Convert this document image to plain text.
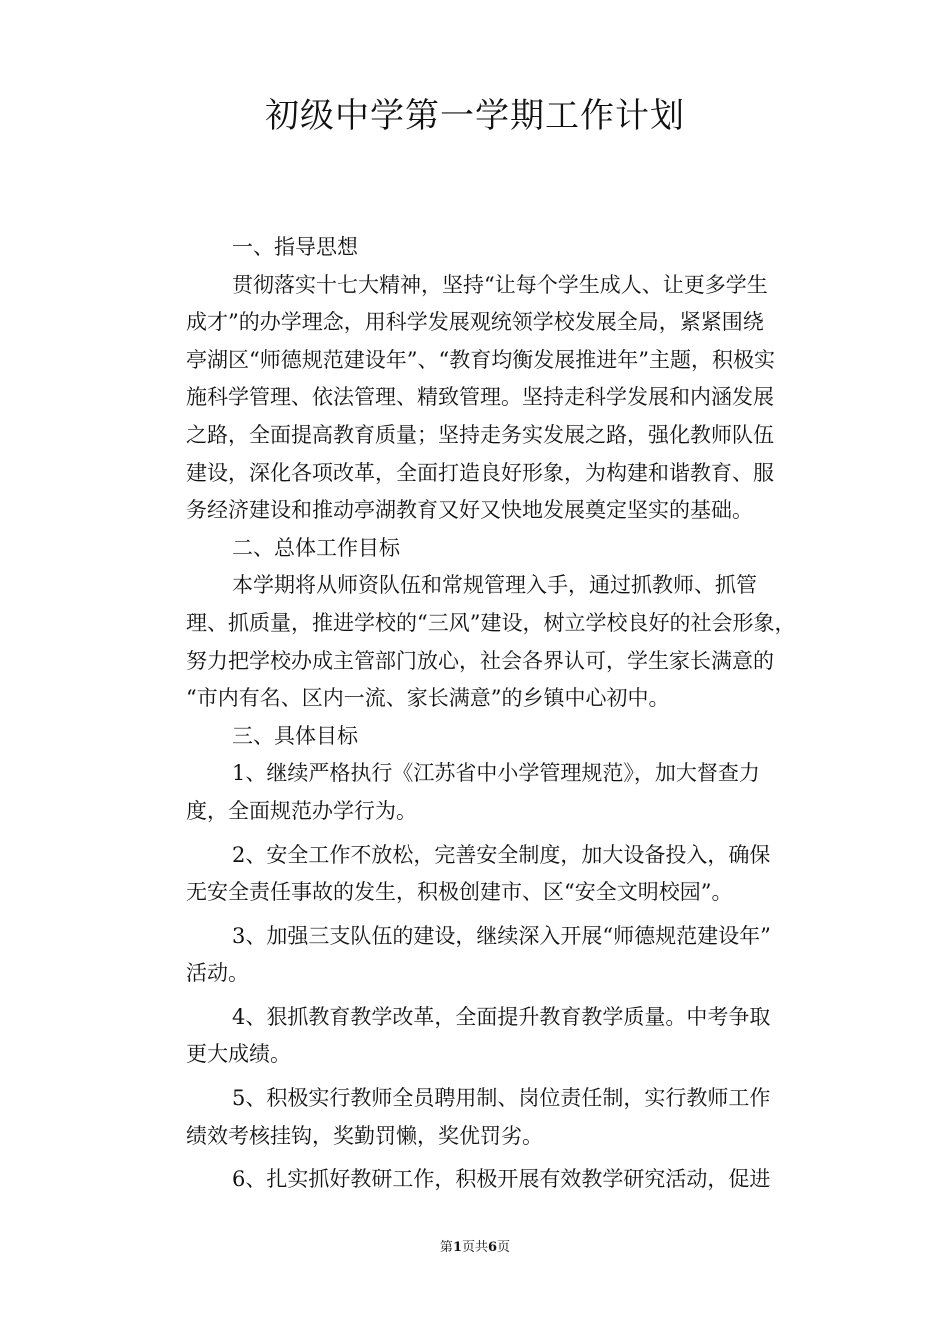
初级中学第一学期工作计划
一、指导思想
贯彻落实十七大精神，坚持“让每个学生成人、让更多学生
成才”的办学理念，用科学发展观统领学校发展全局，紧紧围绕
亭湖区“师德规范建设年”、“教育均衡发展推进年”主题，积极实
施科学管理、依法管理、精致管理。坚持走科学发展和内涵发展
之路，全面提高教育质量；坚持走务实发展之路，强化教师队伍
建设，深化各项改革，全面打造良好形象，为构建和谐教育、服
务经济建设和推动亭湖教育又好又快地发展奠定坚实的基础。
二、总体工作目标
本学期将从师资队伍和常规管理入手，通过抓教师、抓管
理、抓质量，推进学校的“三风”建设，树立学校良好的社会形象，
努力把学校办成主管部门放心，社会各界认可，学生家长满意的
“市内有名、区内一流、家长满意”的乡镇中心初中。
三、具体目标
1、继续严格执行《江苏省中小学管理规范》，加大督查力
度，全面规范办学行为。
2、安全工作不放松，完善安全制度，加大设备投入，确保
无安全责任事故的发生，积极创建市、区“安全文明校园”。
3、加强三支队伍的建设，继续深入开展“师德规范建设年”
活动。
4、狠抓教育教学改革，全面提升教育教学质量。中考争取
更大成绩。
5、积极实行教师全员聘用制、岗位责任制，实行教师工作
绩效考核挂钩，奖勤罚懒，奖优罚劣。
6、扎实抓好教研工作，积极开展有效教学研究活动，促进
第1页共6页
